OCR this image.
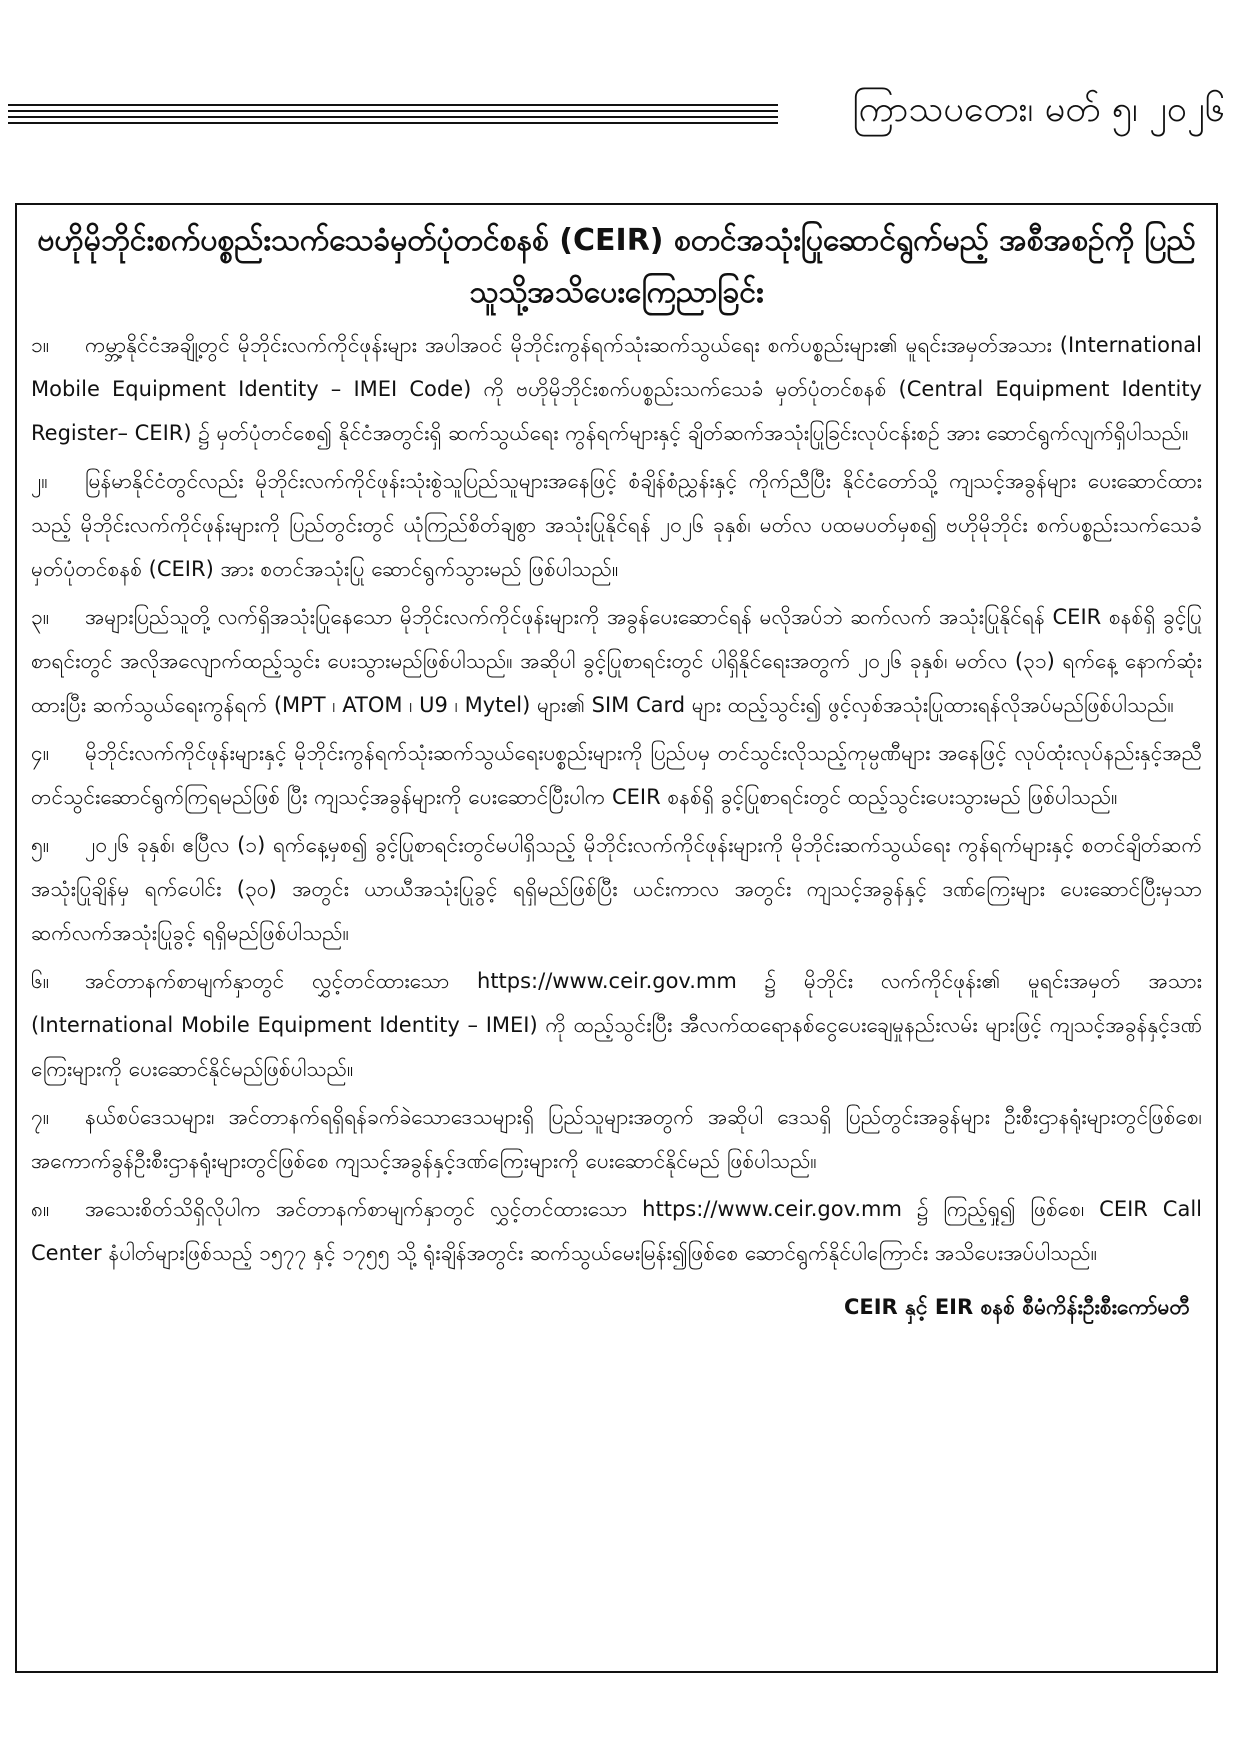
ကြာသပတေး၊ မတ် ၅၊ ၂၀၂၆
ဗဟိုမိုဘိုင်းစက်ပစ္စည်းသက်သေခံမှတ်ပုံတင်စနစ် (CEIR) စတင်အသုံးပြုဆောင်ရွက်မည့် အစီအစဉ်ကို ပြည်သူသို့အသိပေးကြေညာခြင်း

၁။ ကမ္ဘာ့နိုင်ငံအချို့တွင် မိုဘိုင်းလက်ကိုင်ဖုန်းများ အပါအဝင် မိုဘိုင်းကွန်ရက်သုံးဆက်သွယ်ရေး စက်ပစ္စည်းများ၏ မူရင်းအမှတ်အသား (International Mobile Equipment Identity – IMEI Code) ကို ဗဟိုမိုဘိုင်းစက်ပစ္စည်းသက်သေခံ မှတ်ပုံတင်စနစ် (Central Equipment Identity Register– CEIR) ၌ မှတ်ပုံတင်စေ၍ နိုင်ငံအတွင်းရှိ ဆက်သွယ်ရေး ကွန်ရက်များနှင့် ချိတ်ဆက်အသုံးပြုခြင်းလုပ်ငန်းစဉ် အား ဆောင်ရွက်လျက်ရှိပါသည်။

၂။ မြန်မာနိုင်ငံတွင်လည်း မိုဘိုင်းလက်ကိုင်ဖုန်းသုံးစွဲသူပြည်သူများအနေဖြင့် စံချိန်စံညွှန်းနှင့် ကိုက်ညီပြီး နိုင်ငံတော်သို့ ကျသင့်အခွန်များ ပေးဆောင်ထားသည့် မိုဘိုင်းလက်ကိုင်ဖုန်းများကို ပြည်တွင်းတွင် ယုံကြည်စိတ်ချစွာ အသုံးပြုနိုင်ရန် ၂၀၂၆ ခုနှစ်၊ မတ်လ ပထမပတ်မှစ၍ ဗဟိုမိုဘိုင်း စက်ပစ္စည်းသက်သေခံမှတ်ပုံတင်စနစ် (CEIR) အား စတင်အသုံးပြု ဆောင်ရွက်သွားမည် ဖြစ်ပါသည်။

၃။ အများပြည်သူတို့ လက်ရှိအသုံးပြုနေသော မိုဘိုင်းလက်ကိုင်ဖုန်းများကို အခွန်ပေးဆောင်ရန် မလိုအပ်ဘဲ ဆက်လက် အသုံးပြုနိုင်ရန် CEIR စနစ်ရှိ ခွင့်ပြုစာရင်းတွင် အလိုအလျောက်ထည့်သွင်း ပေးသွားမည်ဖြစ်ပါသည်။ အဆိုပါ ခွင့်ပြုစာရင်းတွင် ပါရှိနိုင်ရေးအတွက် ၂၀၂၆ ခုနှစ်၊ မတ်လ (၃၁) ရက်နေ့ နောက်ဆုံးထားပြီး ဆက်သွယ်ရေးကွန်ရက် (MPT ၊ ATOM ၊ U9 ၊ Mytel) များ၏ SIM Card များ ထည့်သွင်း၍ ဖွင့်လှစ်အသုံးပြုထားရန်လိုအပ်မည်ဖြစ်ပါသည်။

၄။ မိုဘိုင်းလက်ကိုင်ဖုန်းများနှင့် မိုဘိုင်းကွန်ရက်သုံးဆက်သွယ်ရေးပစ္စည်းများကို ပြည်ပမှ တင်သွင်းလိုသည့်ကုမ္ပဏီများ အနေဖြင့် လုပ်ထုံးလုပ်နည်းနှင့်အညီ တင်သွင်းဆောင်ရွက်ကြရမည်ဖြစ် ပြီး ကျသင့်အခွန်များကို ပေးဆောင်ပြီးပါက CEIR စနစ်ရှိ ခွင့်ပြုစာရင်းတွင် ထည့်သွင်းပေးသွားမည် ဖြစ်ပါသည်။

၅။ ၂၀၂၆ ခုနှစ်၊ ဧပြီလ (၁) ရက်နေ့မှစ၍ ခွင့်ပြုစာရင်းတွင်မပါရှိသည့် မိုဘိုင်းလက်ကိုင်ဖုန်းများကို မိုဘိုင်းဆက်သွယ်ရေး ကွန်ရက်များနှင့် စတင်ချိတ်ဆက်အသုံးပြုချိန်မှ ရက်ပေါင်း (၃၀) အတွင်း ယာယီအသုံးပြုခွင့် ရရှိမည်ဖြစ်ပြီး ယင်းကာလ အတွင်း ကျသင့်အခွန်နှင့် ဒဏ်ကြေးများ ပေးဆောင်ပြီးမှသာ ဆက်လက်အသုံးပြုခွင့် ရရှိမည်ဖြစ်ပါသည်။

၆။ အင်တာနက်စာမျက်နှာတွင် လွှင့်တင်ထားသော https://www.ceir.gov.mm ၌ မိုဘိုင်း လက်ကိုင်ဖုန်း၏ မူရင်းအမှတ် အသား (International Mobile Equipment Identity – IMEI) ကို ထည့်သွင်းပြီး အီလက်ထရောနစ်ငွေပေးချေမှုနည်းလမ်း များဖြင့် ကျသင့်အခွန်နှင့်ဒဏ်ကြေးများကို ပေးဆောင်နိုင်မည်ဖြစ်ပါသည်။

၇။ နယ်စပ်ဒေသများ၊ အင်တာနက်ရရှိရန်ခက်ခဲသောဒေသများရှိ ပြည်သူများအတွက် အဆိုပါ ဒေသရှိ ပြည်တွင်းအခွန်များ ဦးစီးဌာနရုံးများတွင်ဖြစ်စေ၊ အကောက်ခွန်ဦးစီးဌာနရုံးများတွင်ဖြစ်စေ ကျသင့်အခွန်နှင့်ဒဏ်ကြေးများကို ပေးဆောင်နိုင်မည် ဖြစ်ပါသည်။

၈။ အသေးစိတ်သိရှိလိုပါက အင်တာနက်စာမျက်နှာတွင် လွှင့်တင်ထားသော https://www.ceir.gov.mm ၌ ကြည့်ရှု၍ ဖြစ်စေ၊ CEIR Call Center နံပါတ်များဖြစ်သည့် ၁၅၇၇ နှင့် ၁၇၅၅ သို့ ရုံးချိန်အတွင်း ဆက်သွယ်မေးမြန်း၍ဖြစ်စေ ဆောင်ရွက်နိုင်ပါကြောင်း အသိပေးအပ်ပါသည်။

CEIR နှင့် EIR စနစ် စီမံကိန်းဦးစီးကော်မတီ
